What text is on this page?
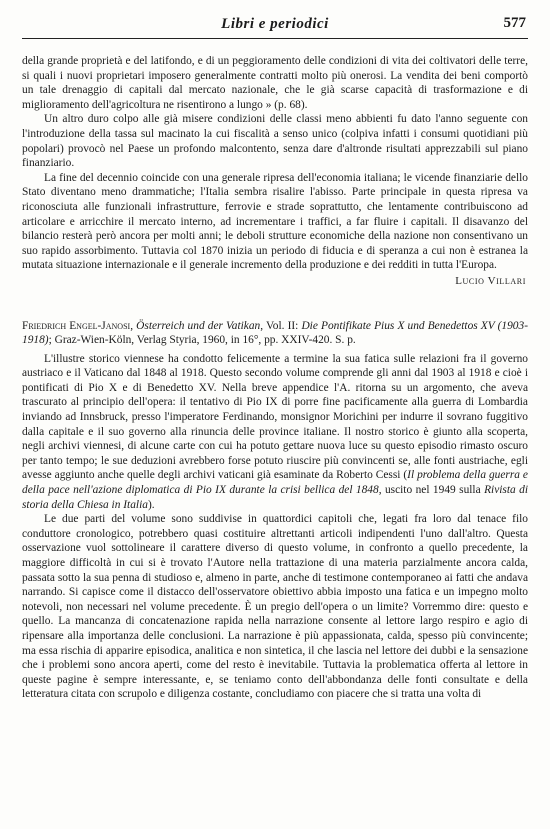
Libri e periodici	577

della grande proprietà e del latifondo, e di un peggioramento delle condizioni di vita dei coltivatori delle terre, si quali i nuovi proprietari imposero generalmente contratti molto più onerosi. La vendita dei beni comportò un tale drenaggio di capitali dal mercato nazionale, che le già scarse capacità di trasformazione e di miglioramento dell'agricoltura ne risentirono a lungo » (p. 68).

Un altro duro colpo alle già misere condizioni delle classi meno abbienti fu dato l'anno seguente con l'introduzione della tassa sul macinato la cui fiscalità a senso unico (colpiva infatti i consumi quotidiani più popolari) provocò nel Paese un profondo malcontento, senza dare d'altronde risultati apprezzabili sul piano finanziario.

La fine del decennio coincide con una generale ripresa dell'economia italiana; le vicende finanziarie dello Stato diventano meno drammatiche; l'Italia sembra risalire l'abisso. Parte principale in questa ripresa va riconosciuta alle funzionali infrastrutture, ferrovie e strade soprattutto, che lentamente contribuiscono ad articolare e arricchire il mercato interno, ad incrementare i traffici, a far fluire i capitali. Il disavanzo del bilancio resterà però ancora per molti anni; le deboli strutture economiche della nazione non consentivano un suo rapido assorbimento. Tuttavia col 1870 inizia un periodo di fiducia e di speranza a cui non è estranea la mutata situazione internazionale e il generale incremento della produzione e dei redditi in tutta l'Europa.

Lucio Villari
Friedrich Engel-Janosi, Österreich und der Vatikan, Vol. II: Die Pontifikate Pius X und Benedettos XV (1903-1918); Graz-Wien-Köln, Verlag Styria, 1960, in 16°, pp. XXIV-420. S. p.

L'illustre storico viennese ha condotto felicemente a termine la sua fatica sulle relazioni fra il governo austriaco e il Vaticano dal 1848 al 1918. Questo secondo volume comprende gli anni dal 1903 al 1918 e cioè i pontificati di Pio X e di Benedetto XV. Nella breve appendice l'A. ritorna su un argomento, che aveva trascurato al principio dell'opera: il tentativo di Pio IX di porre fine pacificamente alla guerra di Lombardia inviando ad Innsbruck, presso l'imperatore Ferdinando, monsignor Morichini per indurre il sovrano fuggitivo dalla capitale e il suo governo alla rinuncia delle province italiane. Il nostro storico è giunto alla scoperta, negli archivi viennesi, di alcune carte con cui ha potuto gettare nuova luce su questo episodio rimasto oscuro per tanto tempo; le sue deduzioni avrebbero forse potuto riuscire più convincenti se, alle fonti austriache, egli avesse aggiunto anche quelle degli archivi vaticani già esaminate da Roberto Cessi (Il problema della guerra e della pace nell'azione diplomatica di Pio IX durante la crisi bellica del 1848, uscito nel 1949 sulla Rivista di storia della Chiesa in Italia).

Le due parti del volume sono suddivise in quattordici capitoli che, legati fra loro dal tenace filo conduttore cronologico, potrebbero quasi costituire altrettanti articoli indipendenti l'uno dall'altro. Questa osservazione vuol sottolineare il carattere diverso di questo volume, in confronto a quello precedente, la maggiore difficoltà in cui si è trovato l'Autore nella trattazione di una materia parzialmente ancora calda, passata sotto la sua penna di studioso e, almeno in parte, anche di testimone contemporaneo ai fatti che andava narrando. Si capisce come il distacco dell'osservatore obiettivo abbia imposto una fatica e un impegno molto notevoli, non necessari nel volume precedente. È un pregio dell'opera o un limite? Vorremmo dire: questo e quello. La mancanza di concatenazione rapida nella narrazione consente al lettore largo respiro e agio di ripensare alla importanza delle conclusioni. La narrazione è più appassionata, calda, spesso più convincente; ma essa rischia di apparire episodica, analitica e non sintetica, il che lascia nel lettore dei dubbi e la sensazione che i problemi sono ancora aperti, come del resto è inevitabile. Tuttavia la problematica offerta al lettore in queste pagine è sempre interessante, e, se teniamo conto dell'abbondanza delle fonti consultate e della letteratura citata con scrupolo e diligenza costante, concludiamo con piacere che si tratta una volta di
